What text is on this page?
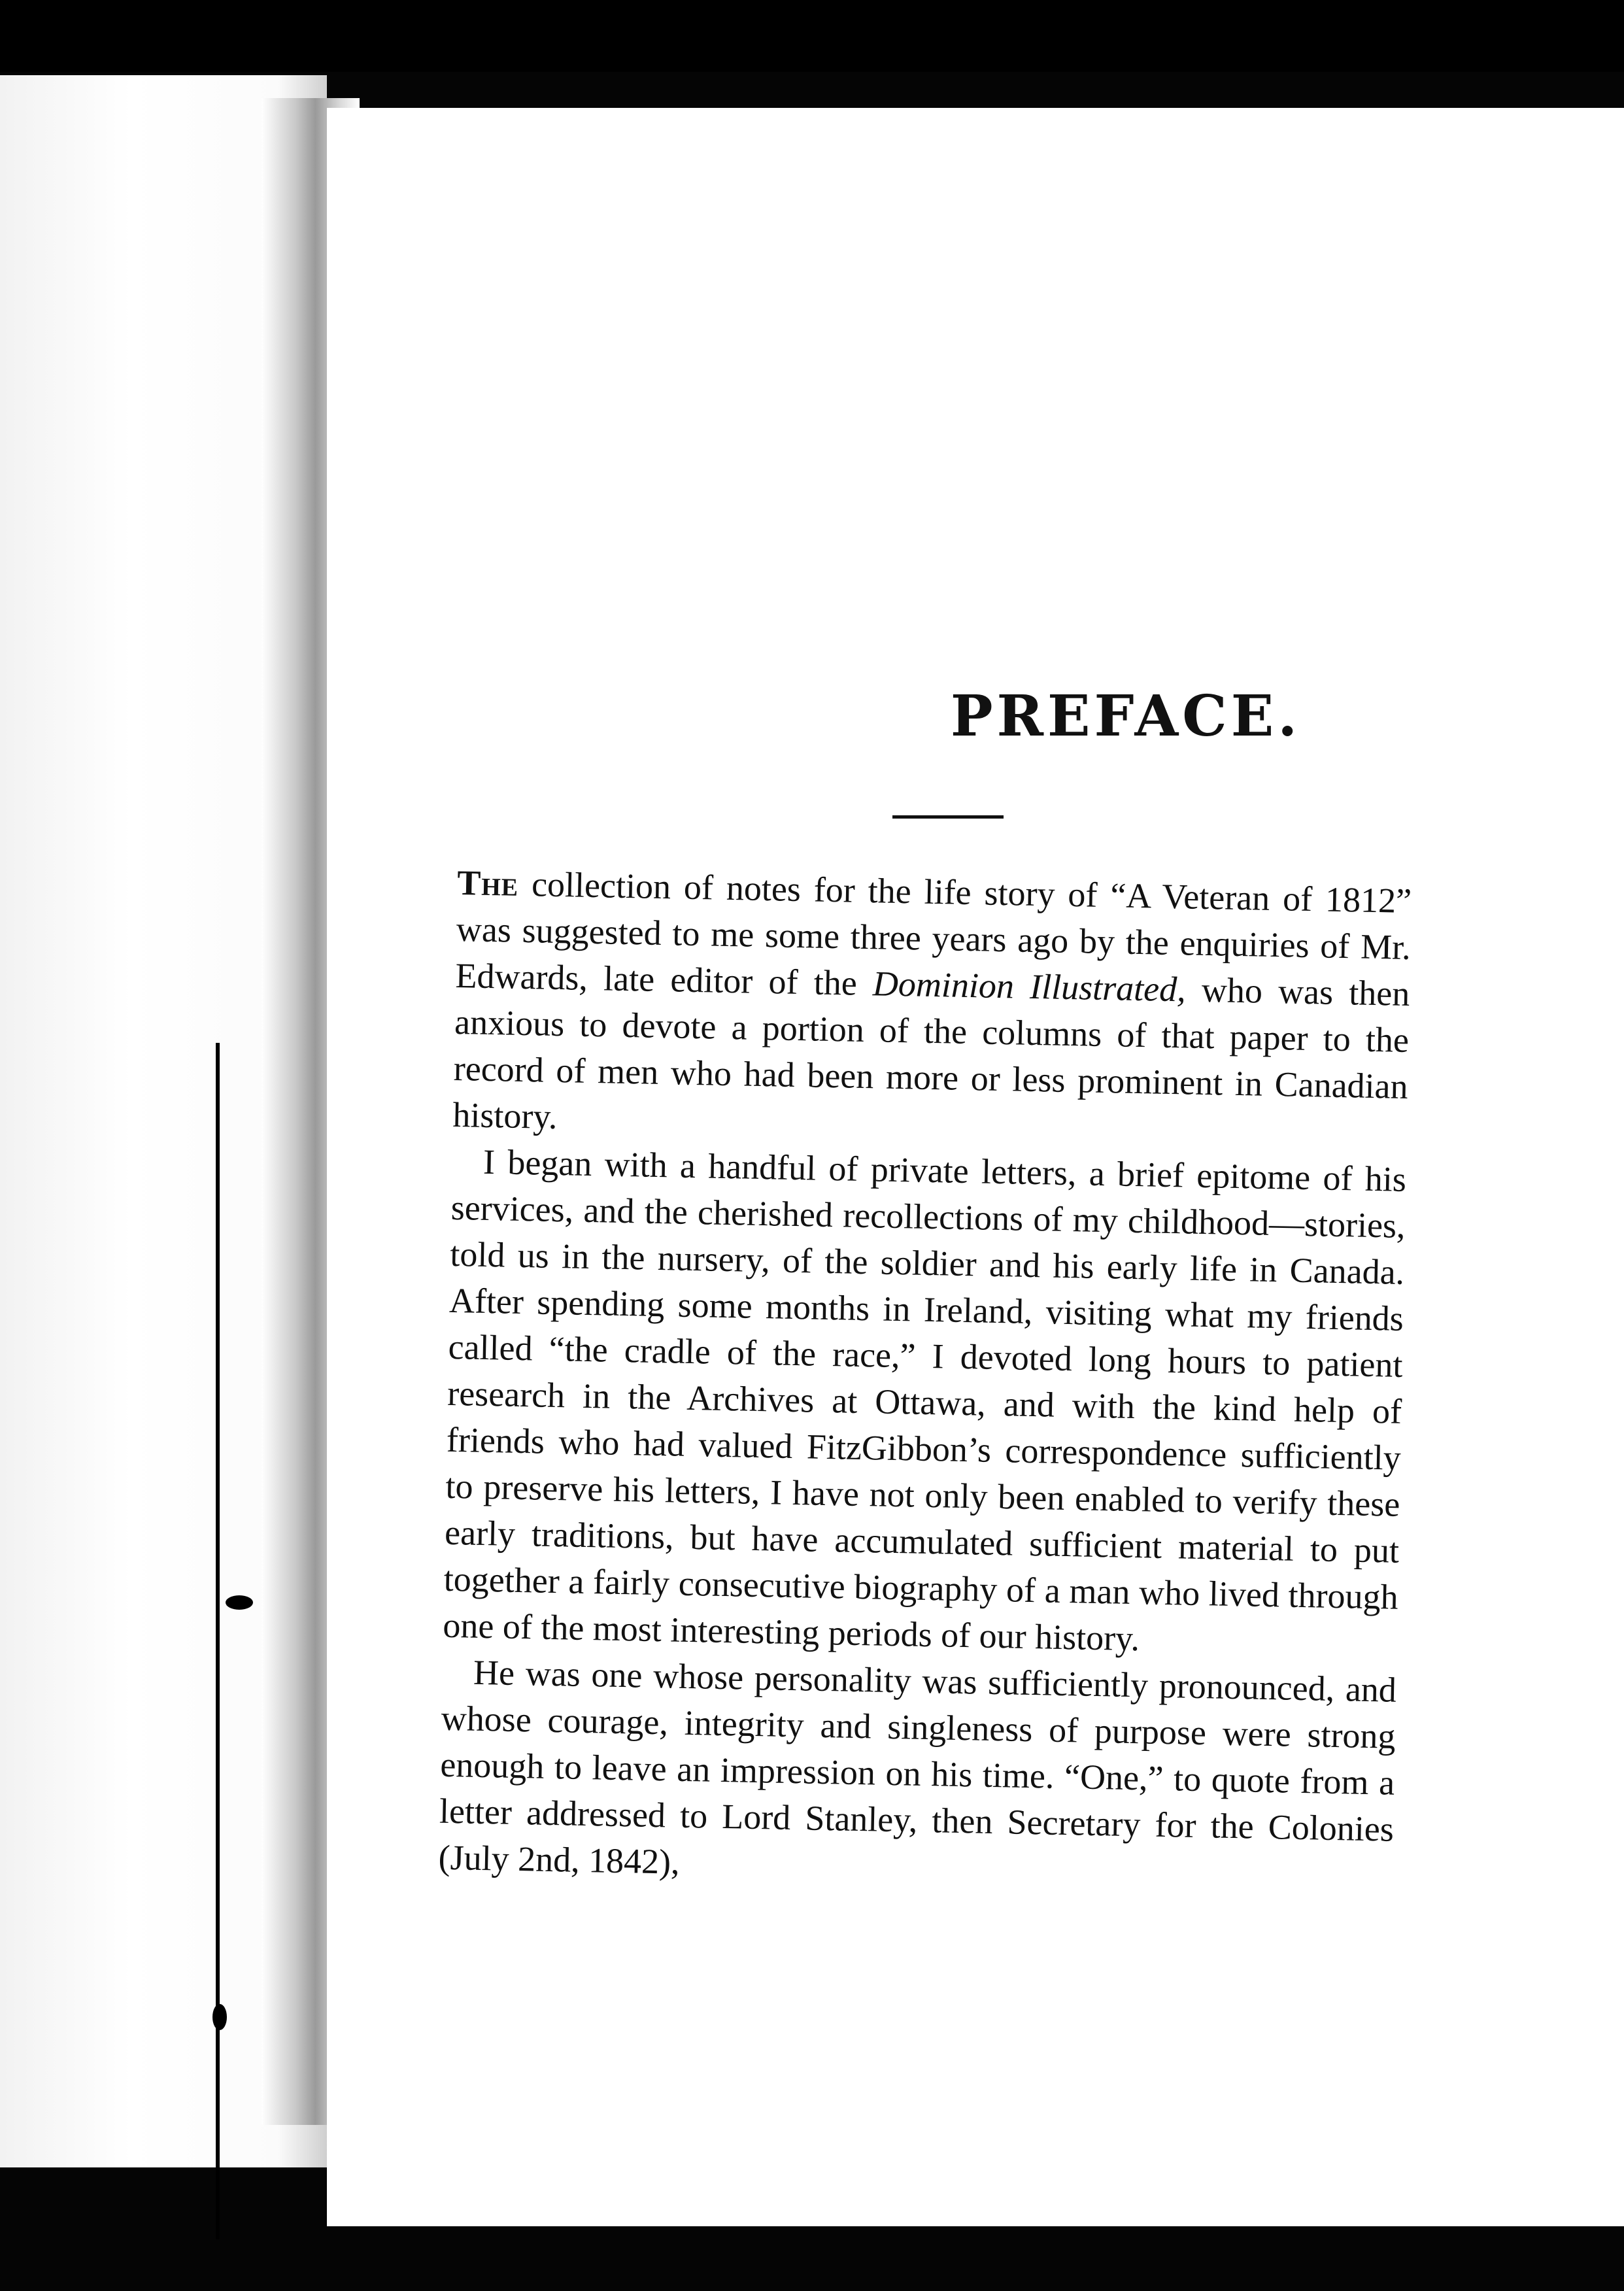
PREFACE.

The collection of notes for the life story of “A Veteran of 1812” was suggested to me some three years ago by the enquiries of Mr. Edwards, late editor of the Dominion Illustrated, who was then anxious to devote a portion of the columns of that paper to the record of men who had been more or less prominent in Canadian history.

I began with a handful of private letters, a brief epitome of his services, and the cherished recollections of my childhood—stories, told us in the nursery, of the soldier and his early life in Canada. After spending some months in Ireland, visiting what my friends called “the cradle of the race,” I devoted long hours to patient research in the Archives at Ottawa, and with the kind help of friends who had valued FitzGibbon’s correspondence sufficiently to preserve his letters, I have not only been enabled to verify these early traditions, but have accumulated sufficient material to put together a fairly consecutive biography of a man who lived through one of the most interesting periods of our history.

He was one whose personality was sufficiently pronounced, and whose courage, integrity and singleness of purpose were strong enough to leave an impression on his time. “One,” to quote from a letter addressed to Lord Stanley, then Secretary for the Colonies (July 2nd, 1842),
